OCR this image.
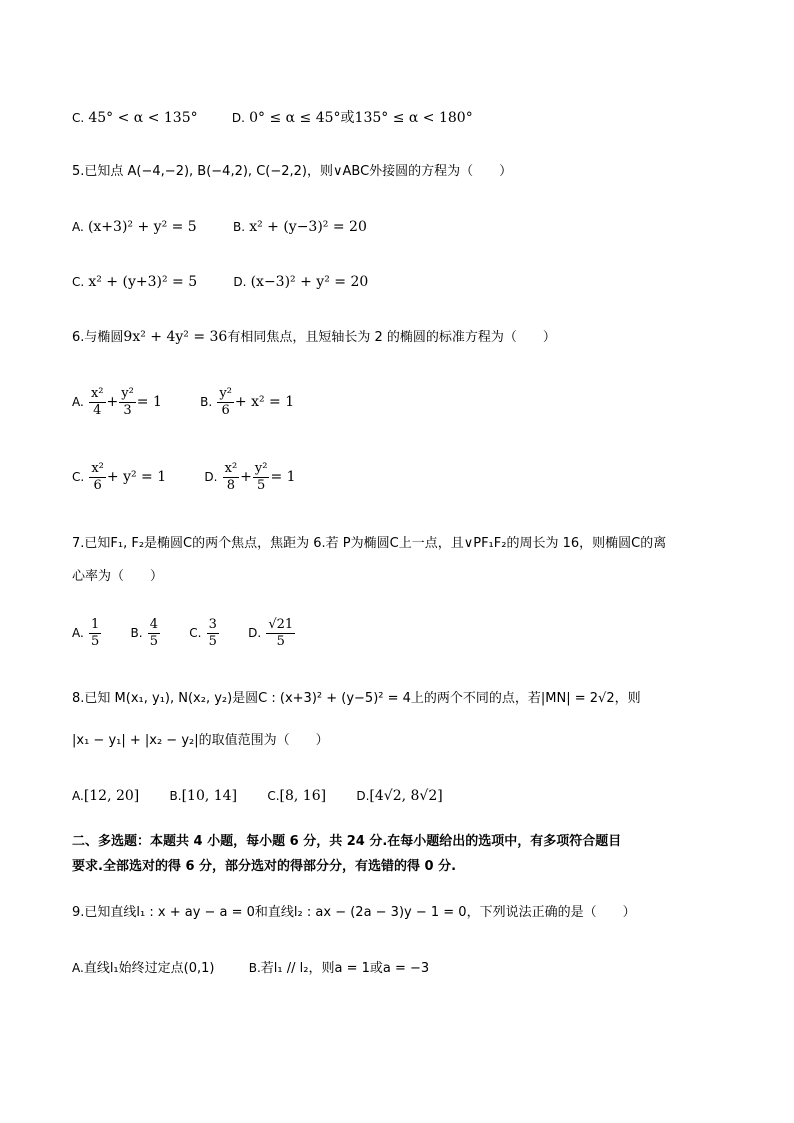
C. 45° < α < 135°	D. 0° ≤ α ≤ 45°或135° ≤ α < 180°
5.已知点 A(−4,−2), B(−4,2), C(−2,2)，则∨ABC外接圆的方程为（　　）
A. (x+3)² + y² = 5	B. x² + (y−3)² = 20
C. x² + (y+3)² = 5	D. (x−3)² + y² = 20
6.与椭圆9x² + 4y² = 36有相同焦点，且短轴长为 2 的椭圆的标准方程为（　　）
A. $\frac{\text{x²}}{4} + \frac{\text{y²}}{3} = 1$	B. $\frac{\text{y²}}{6} + x^2 = 1$
C. $\frac{\text{x²}}{6} + y^2 = 1$	D. $\frac{\text{x²}}{8} + \frac{\text{y²}}{5} = 1$
7.已知F₁, F₂是椭圆C的两个焦点，焦距为 6.若 P为椭圆C上一点，且∨PF₁F₂的周长为 16，则椭圆C的离
心率为（　　）
A. $\frac{1}{5} B$. $\frac{4}{5} C$. $\frac{3}{5} D$. $\frac{√21}{5}$
8.已知 M(x₁, y₁), N(x₂, y₂)是圆C : (x+3)² + (y−5)² = 4上的两个不同的点，若|MN| = 2√2，则
|x₁ − y₁| + |x₂ − y₂|的取值范围为（　　）
A.[12, 20]	B.[10, 14]	C.[8, 16]	D.[4√2, 8√2]
二、多选题：本题共 4 小题，每小题 6 分，共 24 分.在每小题给出的选项中，有多项符合题目
要求.全部选对的得 6 分，部分选对的得部分分，有选错的得 0 分.
9.已知直线l₁ : x + ay − a = 0和直线l₂ : ax − (2a − 3)y − 1 = 0，下列说法正确的是（　　）
A.直线l₁始终过定点(0,1)	B.若l₁ // l₂，则a = 1或a = −3
